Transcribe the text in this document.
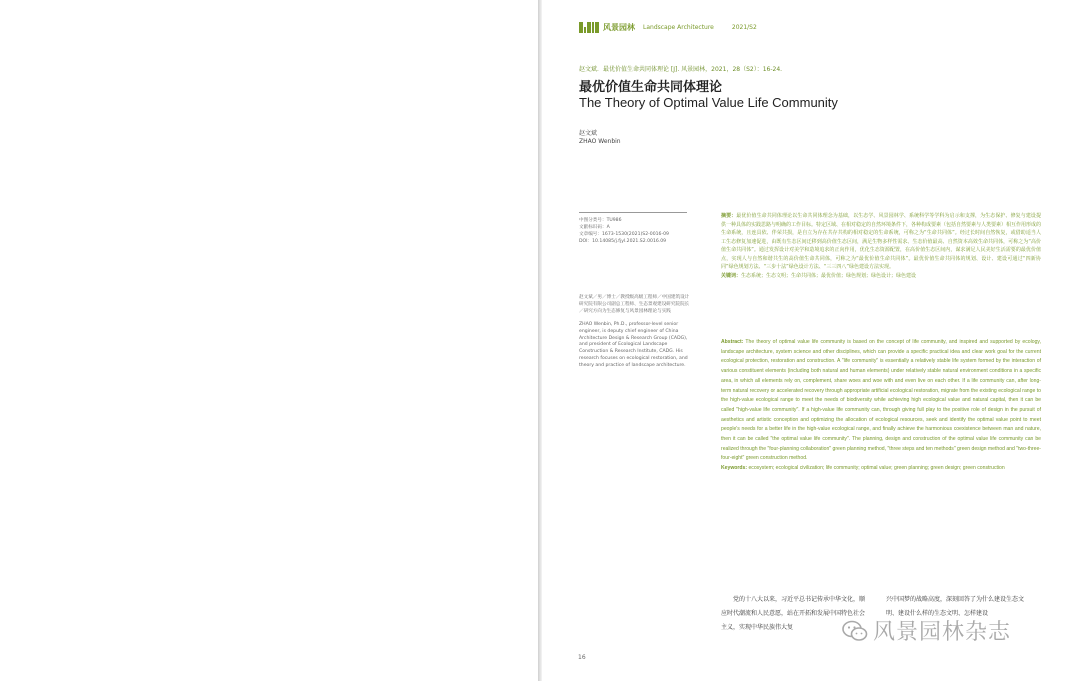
风景园林 Landscape Architecture	2021/S2
赵文斌．最优价值生命共同体理论 [J]. 风景园林，2021，28（S2）：16-24.
最优价值生命共同体理论
The Theory of Optimal Value Life Community
赵文斌
ZHAO Wenbin
中图分类号：TU986
文献标识码：A
文章编号：1673-1530(2021)S2-0016-09
DOI：10.14085/j.fjyl.2021.S2.0016.09
赵文斌／男／博士／教授级高级工程师／中国建筑设计研究院有限公司副总工程师、生态景观建设研究院院长／研究方向为生态修复与风景园林理论与实践
ZHAO Wenbin, Ph.D., professor-level senior engineer, is deputy chief engineer of China Architecture Design & Research Group (CADG), and president of Ecological Landscape Construction & Research Institute, CADG. His research focuses on ecological restoration, and theory and practice of landscape architecture.
摘要：最优价值生命共同体理论以生命共同体理念为基础，以生态学、风景园林学、系统科学等学科为启示和支撑，为生态保护、修复与建设提供一种具体的实践思路与明确的工作目标。特定区域、在相对稳定的自然环境条件下，各种构成要素（包括自然要素与人类要素）相互作用形成的生命系统，且连具依、伴荣共损，是自立为存在共存共构的相对稳定的生命系统，可称之为“生命共同体”。经过长时间自然恢复，或借助适当人工生态修复加速促进，由既有生态区间迁移到高价值生态区间，满足生物多样性需求、生态价值最高、自然资本高效生命共同体，可称之为“高价值生命共同体”。通过发挥设计对美学和造境追求的正向作用，优化生态资源配置，在高价值生态区间内，谋求满足人民美好生活需要的最优价值点，实现人与自然和谐共生的高价值生命共同体，可称之为“最优价值生命共同体”。最优价值生命共同体的规划、设计、建设可通过“四新协同”绿色规划方法、“三步十法”绿色设计方法、“三三四八”绿色建设方法实现。
关键词：生态系统；生态文明；生命共同体；最优价值；绿色规划；绿色设计；绿色建设
Abstract: The theory of optimal value life community is based on the concept of life community, and inspired and supported by ecology, landscape architecture, system science and other disciplines, which can provide a specific practical idea and clear work goal for the current ecological protection, restoration and construction. A "life community" is essentially a relatively stable life system formed by the interaction of various constituent elements (including both natural and human elements) under relatively stable natural environment conditions in a specific area, in which all elements rely on, complement, share woes and woe with and even live on each other. If a life community can, after long-term natural recovery or accelerated recovery through appropriate artificial ecological restoration, migrate from the existing ecological range to the high-value ecological range to meet the needs of biodiversity while achieving high ecological value and natural capital, then it can be called "high-value life community". If a high-value life community can, through giving full play to the positive role of design in the pursuit of aesthetics and artistic conception and optimizing the allocation of ecological resources, seek and identify the optimal value point to meet people's needs for a better life in the high-value ecological range, and finally achieve the harmonious coexistence between man and nature, then it can be called "the optimal value life community". The planning, design and construction of the optimal value life community can be realized through the "four-planning collaboration" green planning method, "three steps and ten methods" green design method and "two-three-four-eight" green construction method.
Keywords: ecosystem; ecological civilization; life community; optimal value; green planning; green design; green construction
党的十八大以来，习近平总书记传承中华文化，顺应时代潮流和人民意愿，站在开拓和发展中国特色社会主义，实现中华民族伟大复
兴中国梦的战略高度，深刻回答了为什么建设生态文明、建设什么样的生态文明、怎样建设
16
风景园林杂志
